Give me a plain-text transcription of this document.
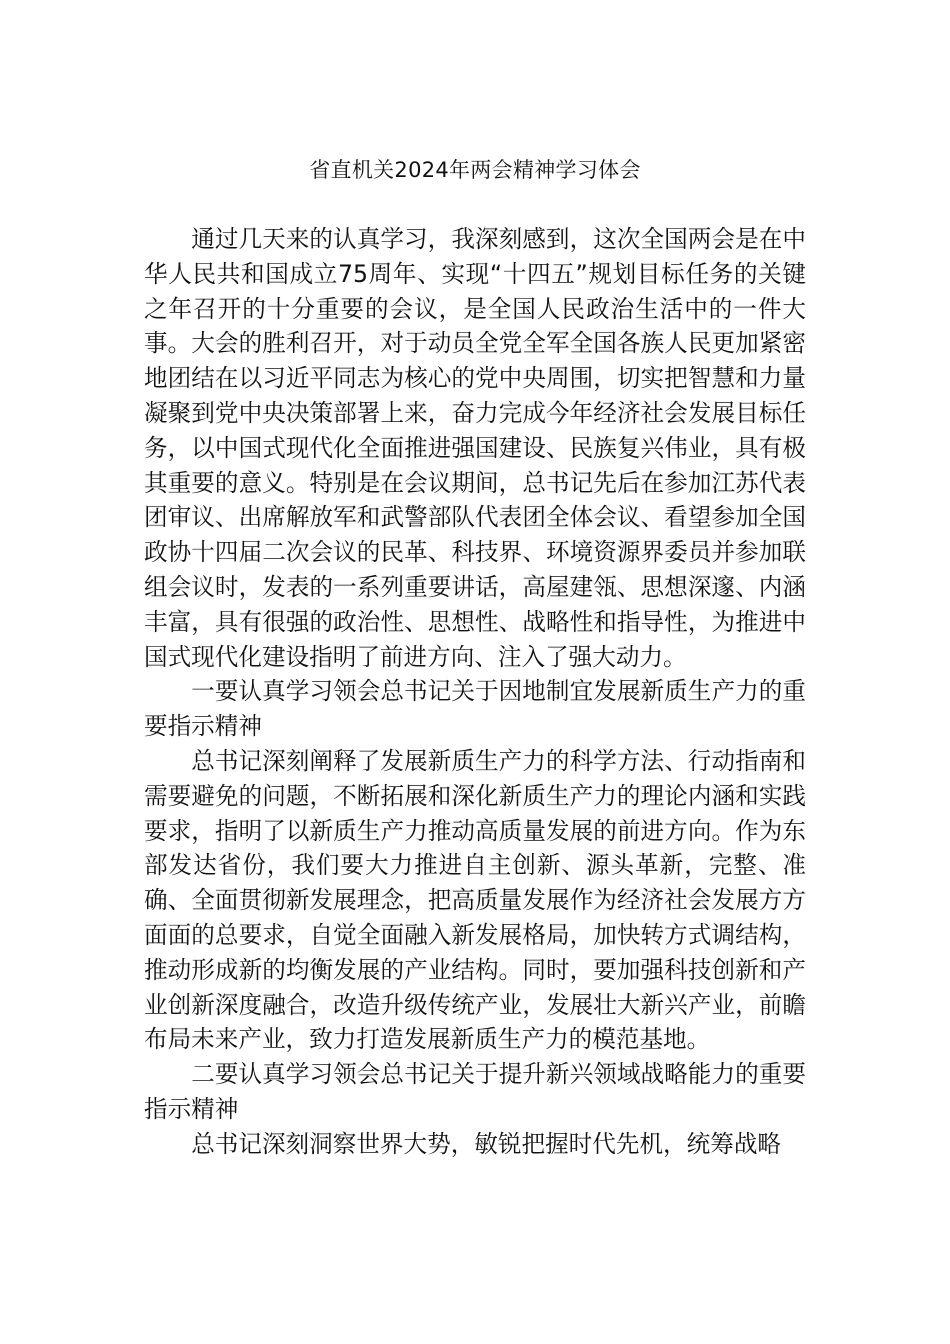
省直机关2024年两会精神学习体会

通过几天来的认真学习，我深刻感到，这次全国两会是在中华人民共和国成立75周年、实现“十四五”规划目标任务的关键之年召开的十分重要的会议，是全国人民政治生活中的一件大事。大会的胜利召开，对于动员全党全军全国各族人民更加紧密地团结在以习近平同志为核心的党中央周围，切实把智慧和力量凝聚到党中央决策部署上来，奋力完成今年经济社会发展目标任务，以中国式现代化全面推进强国建设、民族复兴伟业，具有极其重要的意义。特别是在会议期间，总书记先后在参加江苏代表团审议、出席解放军和武警部队代表团全体会议、看望参加全国政协十四届二次会议的民革、科技界、环境资源界委员并参加联组会议时，发表的一系列重要讲话，高屋建瓴、思想深邃、内涵丰富，具有很强的政治性、思想性、战略性和指导性，为推进中国式现代化建设指明了前进方向、注入了强大动力。

一要认真学习领会总书记关于因地制宜发展新质生产力的重要指示精神

总书记深刻阐释了发展新质生产力的科学方法、行动指南和需要避免的问题，不断拓展和深化新质生产力的理论内涵和实践要求，指明了以新质生产力推动高质量发展的前进方向。作为东部发达省份，我们要大力推进自主创新、源头革新，完整、准确、全面贯彻新发展理念，把高质量发展作为经济社会发展方方面面的总要求，自觉全面融入新发展格局，加快转方式调结构，推动形成新的均衡发展的产业结构。同时，要加强科技创新和产业创新深度融合，改造升级传统产业，发展壮大新兴产业，前瞻布局未来产业，致力打造发展新质生产力的模范基地。

二要认真学习领会总书记关于提升新兴领域战略能力的重要指示精神

总书记深刻洞察世界大势，敏锐把握时代先机，统筹战略
